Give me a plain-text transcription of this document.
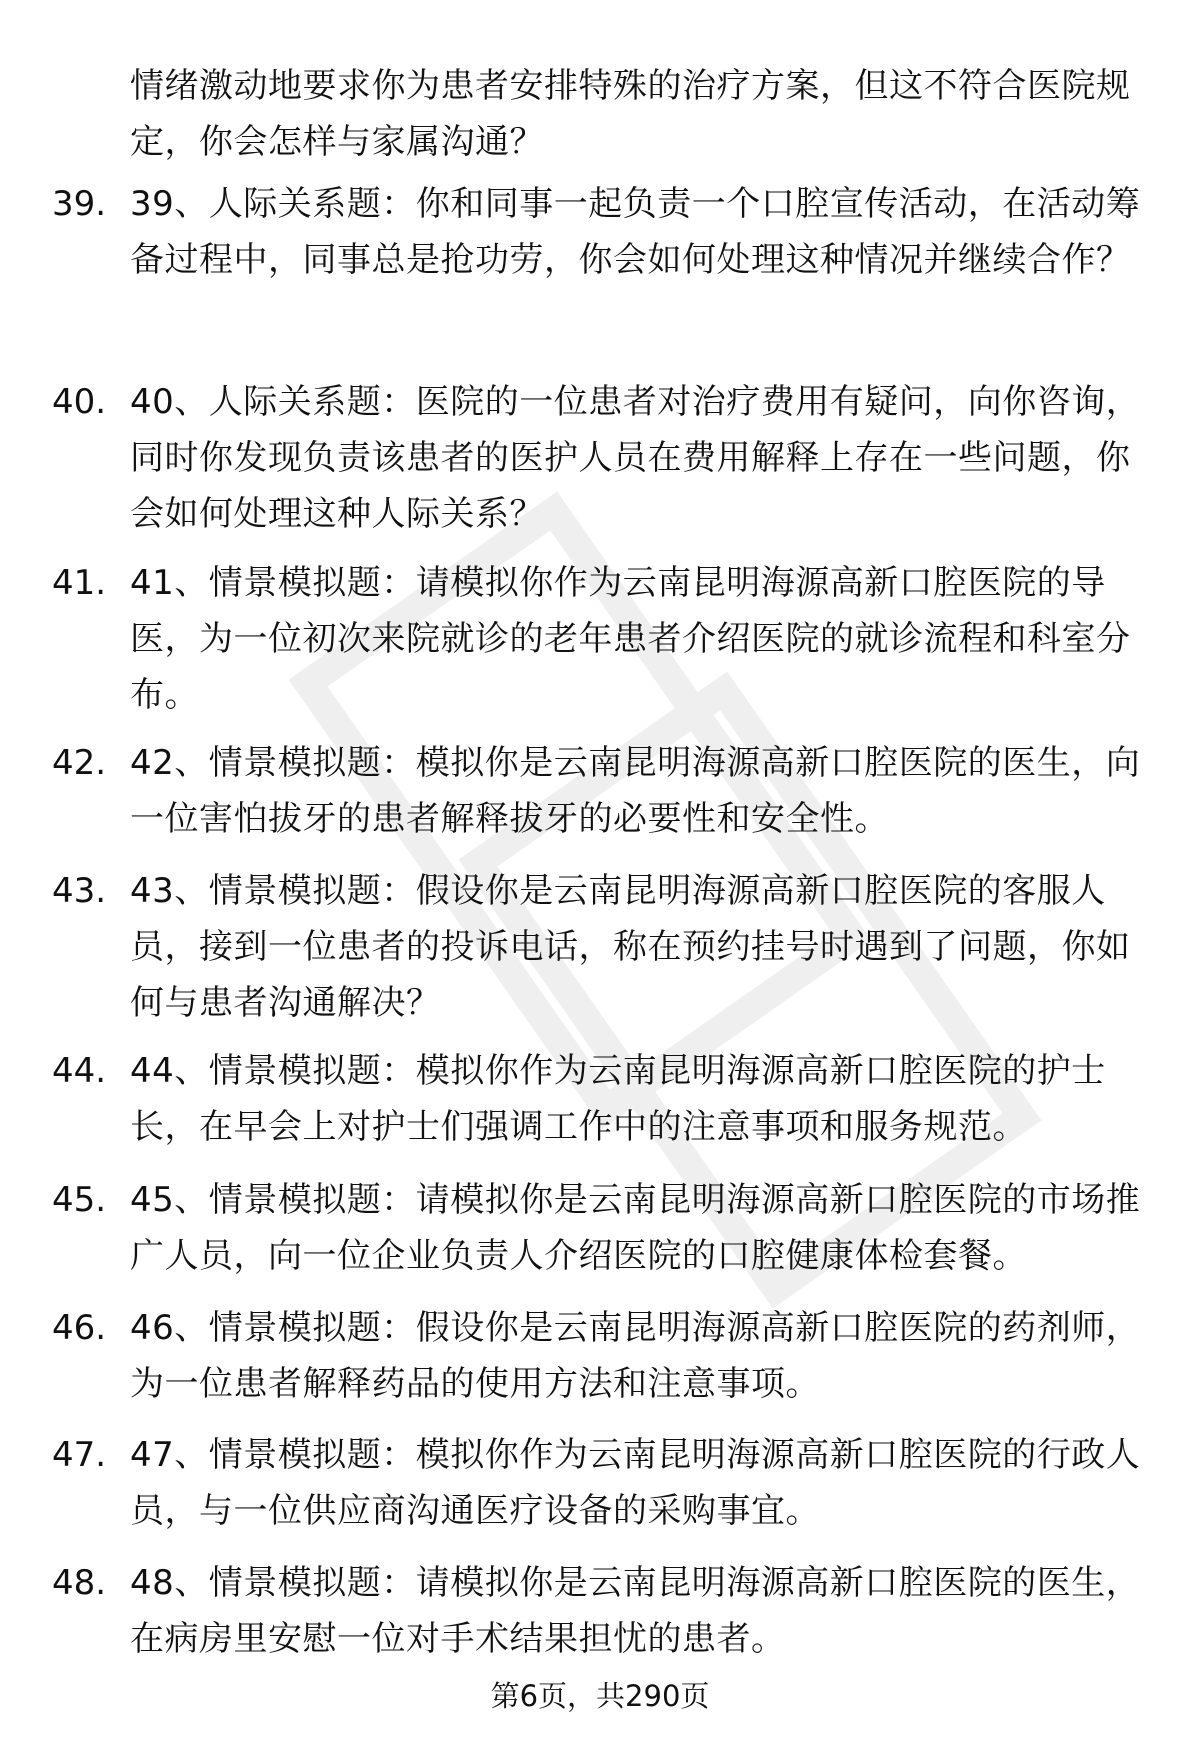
情绪激动地要求你为患者安排特殊的治疗方案，但这不符合医院规定，你会怎样与家属沟通？
39. 39、人际关系题：你和同事一起负责一个口腔宣传活动，在活动筹备过程中，同事总是抢功劳，你会如何处理这种情况并继续合作？
40. 40、人际关系题：医院的一位患者对治疗费用有疑问，向你咨询，同时你发现负责该患者的医护人员在费用解释上存在一些问题，你会如何处理这种人际关系？
41. 41、情景模拟题：请模拟你作为云南昆明海源高新口腔医院的导医，为一位初次来院就诊的老年患者介绍医院的就诊流程和科室分布。
42. 42、情景模拟题：模拟你是云南昆明海源高新口腔医院的医生，向一位害怕拔牙的患者解释拔牙的必要性和安全性。
43. 43、情景模拟题：假设你是云南昆明海源高新口腔医院的客服人员，接到一位患者的投诉电话，称在预约挂号时遇到了问题，你如何与患者沟通解决？
44. 44、情景模拟题：模拟你作为云南昆明海源高新口腔医院的护士长，在早会上对护士们强调工作中的注意事项和服务规范。
45. 45、情景模拟题：请模拟你是云南昆明海源高新口腔医院的市场推广人员，向一位企业负责人介绍医院的口腔健康体检套餐。
46. 46、情景模拟题：假设你是云南昆明海源高新口腔医院的药剂师，为一位患者解释药品的使用方法和注意事项。
47. 47、情景模拟题：模拟你作为云南昆明海源高新口腔医院的行政人员，与一位供应商沟通医疗设备的采购事宜。
48. 48、情景模拟题：请模拟你是云南昆明海源高新口腔医院的医生，在病房里安慰一位对手术结果担忧的患者。
第6页，共290页
